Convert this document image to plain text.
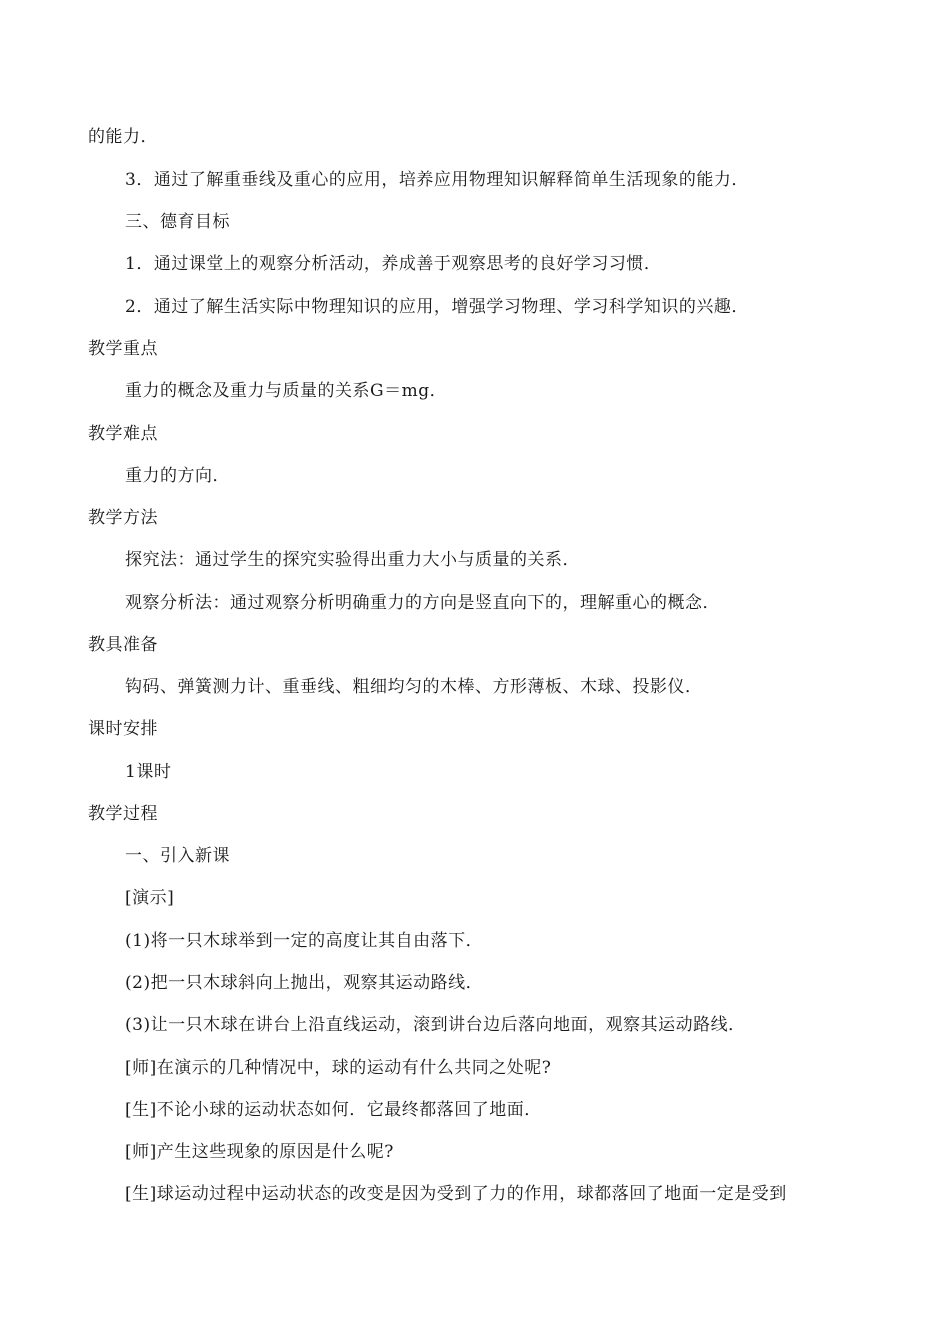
的能力．
3．通过了解重垂线及重心的应用，培养应用物理知识解释简单生活现象的能力．
三、德育目标
1．通过课堂上的观察分析活动，养成善于观察思考的良好学习习惯．
2．通过了解生活实际中物理知识的应用，增强学习物理、学习科学知识的兴趣．
教学重点
重力的概念及重力与质量的关系G＝mg．
教学难点
重力的方向．
教学方法
探究法：通过学生的探究实验得出重力大小与质量的关系．
观察分析法：通过观察分析明确重力的方向是竖直向下的，理解重心的概念．
教具准备
钩码、弹簧测力计、重垂线、粗细均匀的木棒、方形薄板、木球、投影仪．
课时安排
1课时
教学过程
一、引入新课
[演示]
(1)将一只木球举到一定的高度让其自由落下．
(2)把一只木球斜向上抛出，观察其运动路线．
(3)让一只木球在讲台上沿直线运动，滚到讲台边后落向地面，观察其运动路线．
[师]在演示的几种情况中，球的运动有什么共同之处呢?
[生]不论小球的运动状态如何．它最终都落回了地面．
[师]产生这些现象的原因是什么呢?
[生]球运动过程中运动状态的改变是因为受到了力的作用，球都落回了地面一定是受到
